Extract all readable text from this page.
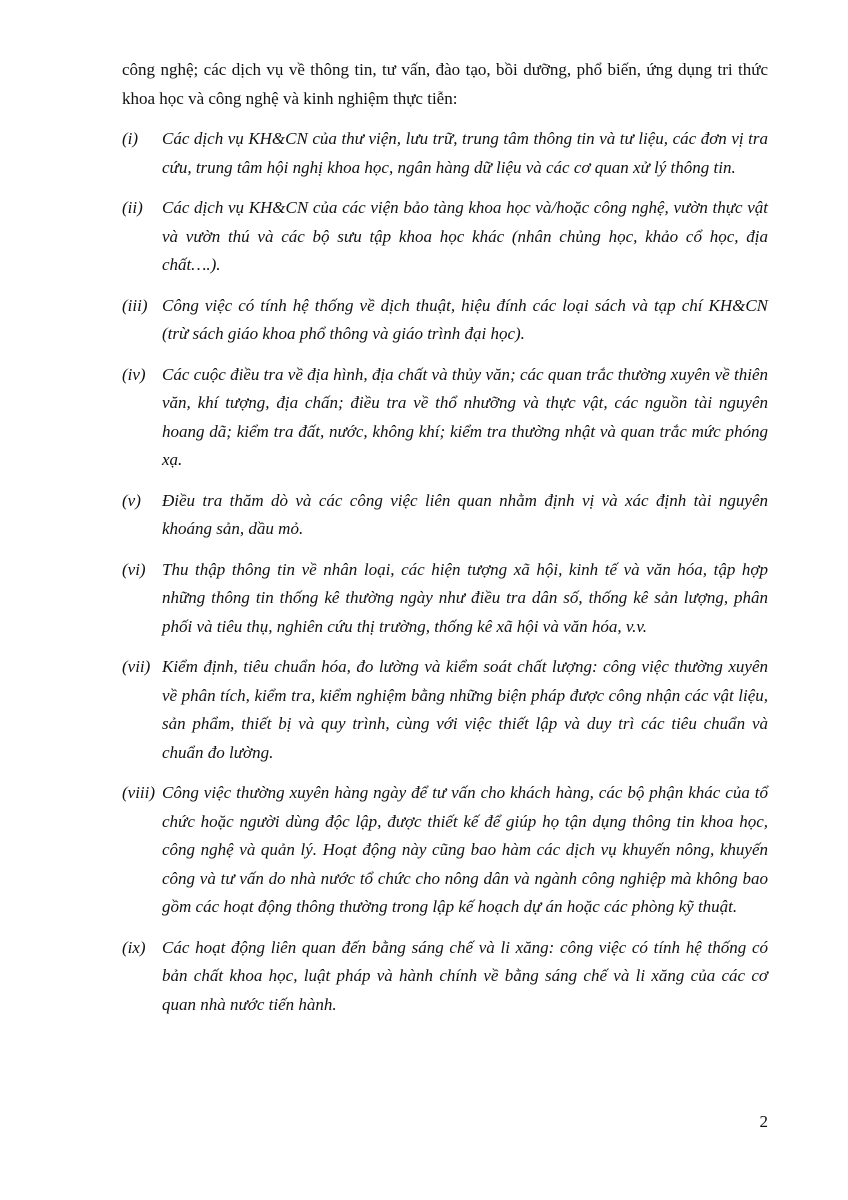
công nghệ; các dịch vụ về thông tin, tư vấn, đào tạo, bồi dưỡng, phổ biến, ứng dụng tri thức khoa học và công nghệ và kinh nghiệm thực tiễn:

(i)	Các dịch vụ KH&CN của thư viện, lưu trữ, trung tâm thông tin và tư liệu, các đơn vị tra cứu, trung tâm hội nghị khoa học, ngân hàng dữ liệu và các cơ quan xử lý thông tin.
(ii)	Các dịch vụ KH&CN của các viện bảo tàng khoa học và/hoặc công nghệ, vườn thực vật và vườn thú và các bộ sưu tập khoa học khác (nhân chủng học, khảo cổ học, địa chất….).
(iii) Công việc có tính hệ thống về dịch thuật, hiệu đính các loại sách và tạp chí KH&CN (trừ sách giáo khoa phổ thông và giáo trình đại học).
(iv) Các cuộc điều tra về địa hình, địa chất và thủy văn; các quan trắc thường xuyên về thiên văn, khí tượng, địa chấn; điều tra về thổ nhưỡng và thực vật, các nguồn tài nguyên hoang dã; kiểm tra đất, nước, không khí; kiểm tra thường nhật và quan trắc mức phóng xạ.
(v)	Điều tra thăm dò và các công việc liên quan nhằm định vị và xác định tài nguyên khoáng sản, dầu mỏ.
(vi) Thu thập thông tin về nhân loại, các hiện tượng xã hội, kinh tế và văn hóa, tập hợp những thông tin thống kê thường ngày như điều tra dân số, thống kê sản lượng, phân phối và tiêu thụ, nghiên cứu thị trường, thống kê xã hội và văn hóa, v.v.
(vii) Kiểm định, tiêu chuẩn hóa, đo lường và kiểm soát chất lượng: công việc thường xuyên về phân tích, kiểm tra, kiểm nghiệm bằng những biện pháp được công nhận các vật liệu, sản phẩm, thiết bị và quy trình, cùng với việc thiết lập và duy trì các tiêu chuẩn và chuẩn đo lường.
(viii) Công việc thường xuyên hàng ngày để tư vấn cho khách hàng, các bộ phận khác của tổ chức hoặc người dùng độc lập, được thiết kế để giúp họ tận dụng thông tin khoa học, công nghệ và quản lý. Hoạt động này cũng bao hàm các dịch vụ khuyến nông, khuyến công và tư vấn do nhà nước tổ chức cho nông dân và ngành công nghiệp mà không bao gồm các hoạt động thông thường trong lập kế hoạch dự án hoặc các phòng kỹ thuật.
(ix) Các hoạt động liên quan đến bằng sáng chế và li xăng: công việc có tính hệ thống có bản chất khoa học, luật pháp và hành chính về bằng sáng chế và li xăng của các cơ quan nhà nước tiến hành.
2
